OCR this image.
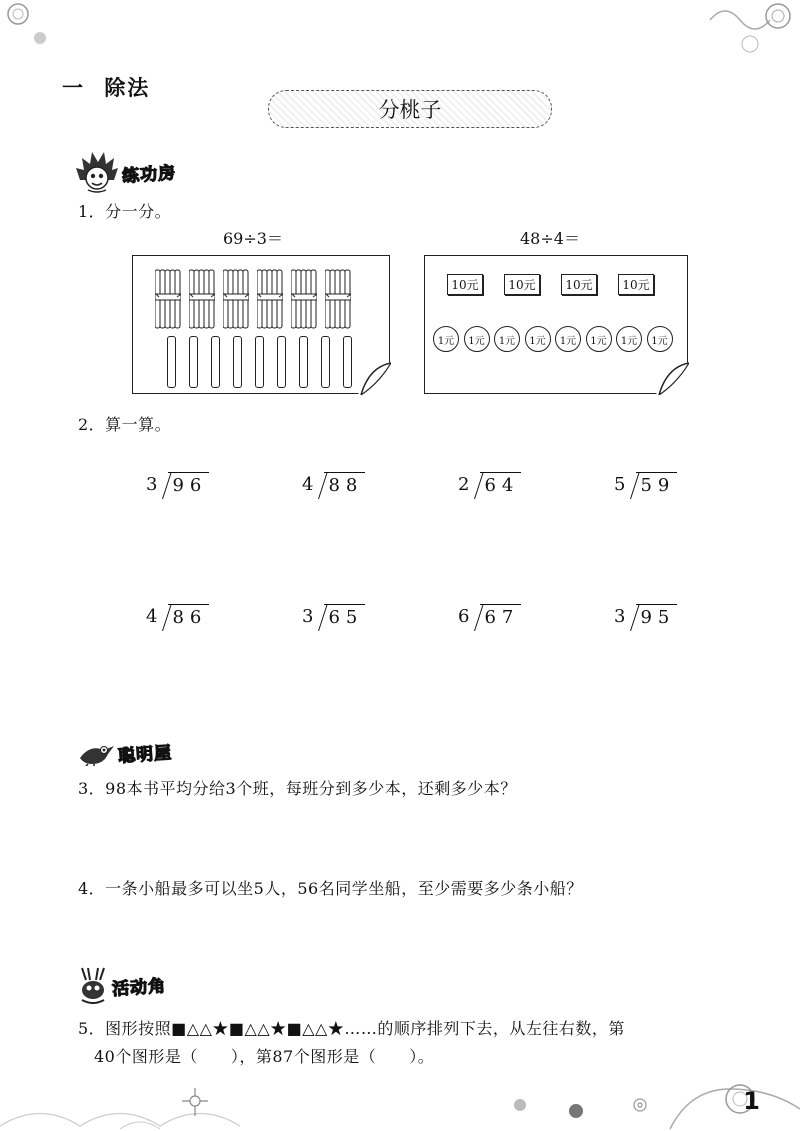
一 除法
分桃子
练功房
1．分一分。
69÷3＝	48÷4＝
10元	10元	10元	10元
1元	1元	1元	1元	1元	1元	1元	1元
2．算一算。
3 96	4 88	2 64	5 59
4 86	3 65	6 67	3 95
聪明屋
3．98本书平均分给3个班，每班分到多少本，还剩多少本？
4．一条小船最多可以坐5人，56名同学坐船，至少需要多少条小船？
活动角
5．图形按照■△△★■△△★■△△★……的顺序排列下去，从左往右数，第
40个图形是（　　），第87个图形是（　　）。
1
